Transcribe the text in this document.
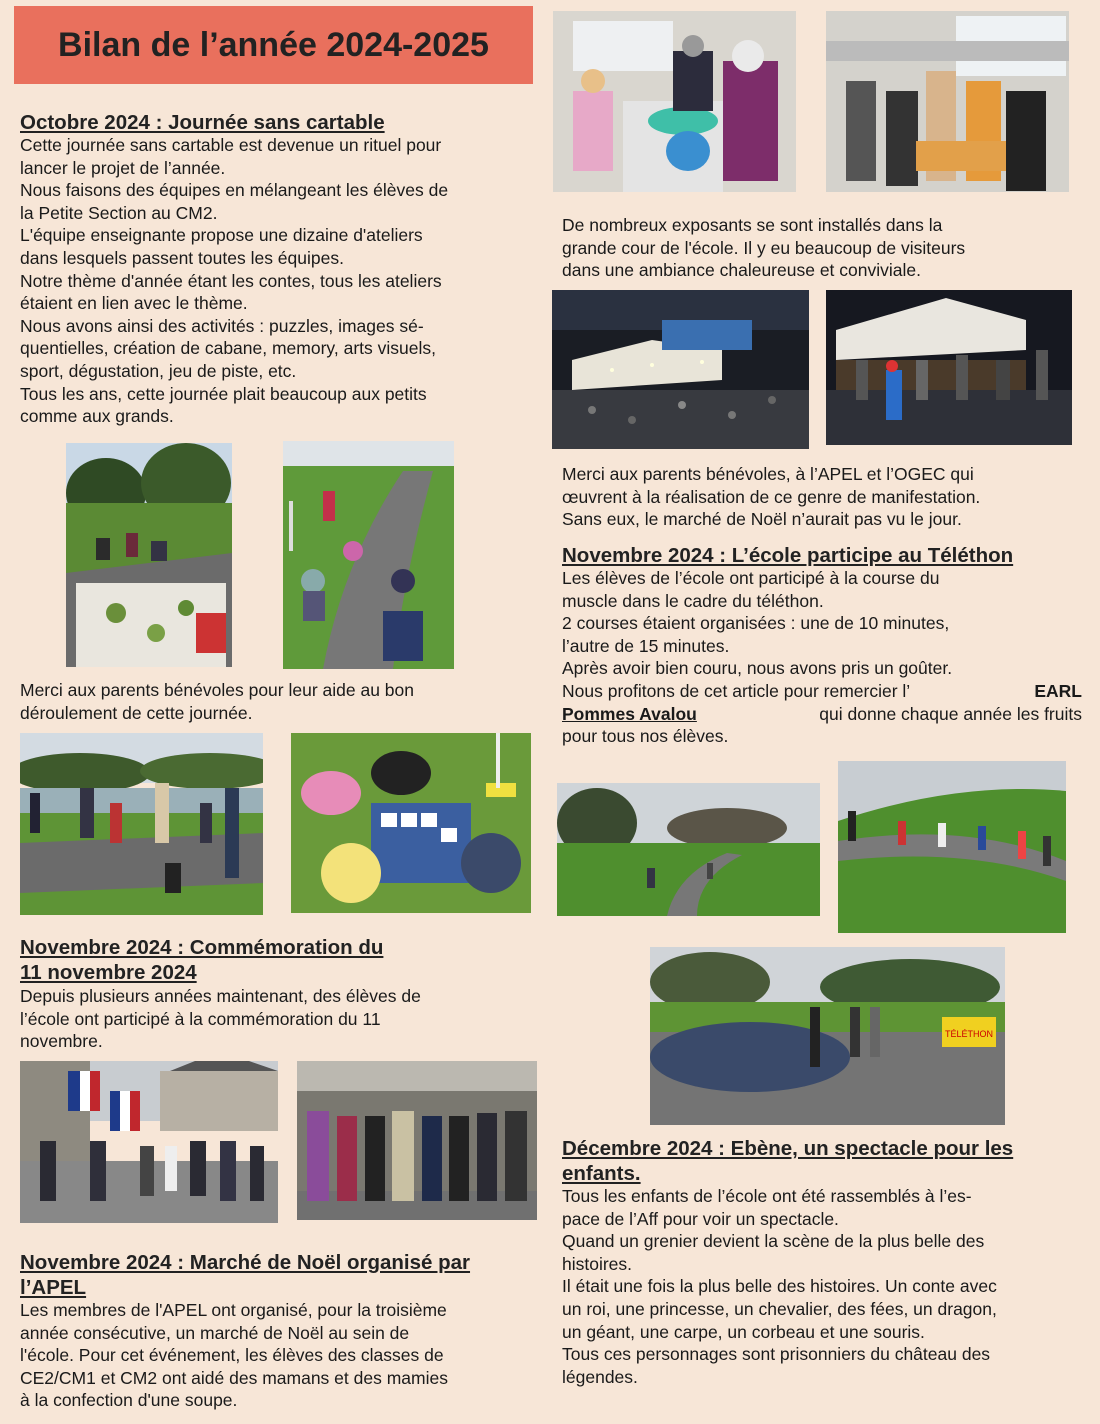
Bilan de l’année 2024-2025
Octobre 2024 : Journée sans cartable
Cette journée sans cartable est devenue un rituel pour
lancer le projet de l’année.
Nous faisons des équipes en mélangeant les élèves de
la Petite Section au CM2.
L'équipe enseignante propose une dizaine d'ateliers
dans lesquels passent toutes les équipes.
Notre thème d'année étant les contes, tous les ateliers
étaient en lien avec le thème.
Nous avons ainsi des activités : puzzles, images sé-
quentielles, création de cabane, memory, arts visuels,
sport, dégustation, jeu de piste, etc.
Tous les ans, cette journée plait beaucoup aux petits
comme aux grands.
Merci aux parents bénévoles pour leur aide au bon
déroulement de cette journée.
Novembre 2024 : Commémoration du
11 novembre 2024
Depuis plusieurs années maintenant, des élèves de
l’école ont participé à la commémoration du 11
novembre.
Novembre 2024 : Marché de Noël organisé par
l’APEL
Les membres de l'APEL ont organisé, pour la troisième
année consécutive, un marché de Noël au sein de
l'école. Pour cet événement, les élèves des classes de
CE2/CM1 et CM2 ont aidé des mamans et des mamies
à la confection d'une soupe.
De nombreux exposants se sont installés dans la
grande cour de l'école. Il y eu beaucoup de visiteurs
dans une ambiance chaleureuse et conviviale.
Merci aux parents bénévoles, à l’APEL et l’OGEC qui
œuvrent à la réalisation de ce genre de manifestation.
Sans eux, le marché de Noël n’aurait pas vu le jour.
Novembre 2024 : L’école participe au Téléthon
Les élèves de l’école ont participé à la course du
muscle dans le cadre du téléthon.
2 courses étaient organisées : une de 10 minutes,
l’autre de 15 minutes.
Après avoir bien couru, nous avons pris un goûter.
Nous profitons de cet article pour remercier l’	EARL
Pommes Avalou	qui donne chaque année les fruits
pour tous nos élèves.
TÉLÉTHON
Décembre 2024 : Ebène, un spectacle pour les
enfants.
Tous les enfants de l’école ont été rassemblés à l’es-
pace de l’Aff pour voir un spectacle.
Quand un grenier devient la scène de la plus belle des
histoires.
Il était une fois la plus belle des histoires. Un conte avec
un roi, une princesse, un chevalier, des fées, un dragon,
un géant, une carpe, un corbeau et une souris.
Tous ces personnages sont prisonniers du château des
légendes.
